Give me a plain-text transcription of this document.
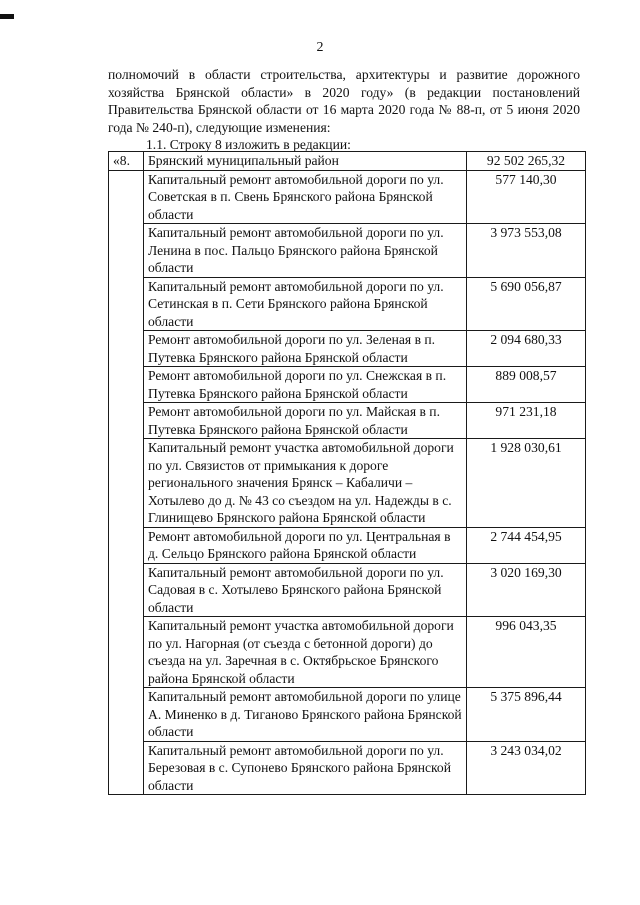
2

полномочий в области строительства, архитектуры и развитие дорожного хозяйства Брянской области» в 2020 году» (в редакции постановлений Правительства Брянской области от 16 марта 2020 года № 88-п, от 5 июня 2020 года № 240-п), следующие изменения:

1.1. Строку 8 изложить в редакции:

«8.	Брянский муниципальный район	92 502 265,32

	Капитальный ремонт автомобильной дороги по ул. Советская в п. Свень Брянского района Брянской области	577 140,30
	Капитальный ремонт автомобильной дороги по ул. Ленина в пос. Пальцо Брянского района Брянской области	3 973 553,08
	Капитальный ремонт автомобильной дороги по ул. Сетинская в п. Сети Брянского района Брянской области	5 690 056,87
	Ремонт автомобильной дороги по ул. Зеленая в п. Путевка Брянского района Брянской области	2 094 680,33
	Ремонт автомобильной дороги по ул. Снежская в п. Путевка Брянского района Брянской области	889 008,57
	Ремонт автомобильной дороги по ул. Майская в п. Путевка Брянского района Брянской области	971 231,18
	Капитальный ремонт участка автомобильной дороги по ул. Связистов от примыкания к дороге регионального значения Брянск – Кабаличи – Хотылево до д. № 43 со съездом на ул. Надежды в с. Глинищево Брянского района Брянской области	1 928 030,61
	Ремонт автомобильной дороги по ул. Центральная в д. Сельцо Брянского района Брянской области	2 744 454,95
	Капитальный ремонт автомобильной дороги по ул. Садовая в с. Хотылево Брянского района Брянской области	3 020 169,30
	Капитальный ремонт участка автомобильной дороги по ул. Нагорная (от съезда с бетонной дороги) до съезда на ул. Заречная в с. Октябрьское Брянского района Брянской области	996 043,35
	Капитальный ремонт автомобильной дороги по улице А. Миненко в д. Тиганово Брянского района Брянской области	5 375 896,44
	Капитальный ремонт автомобильной дороги по ул. Березовая в с. Супонево Брянского района Брянской области	3 243 034,02
